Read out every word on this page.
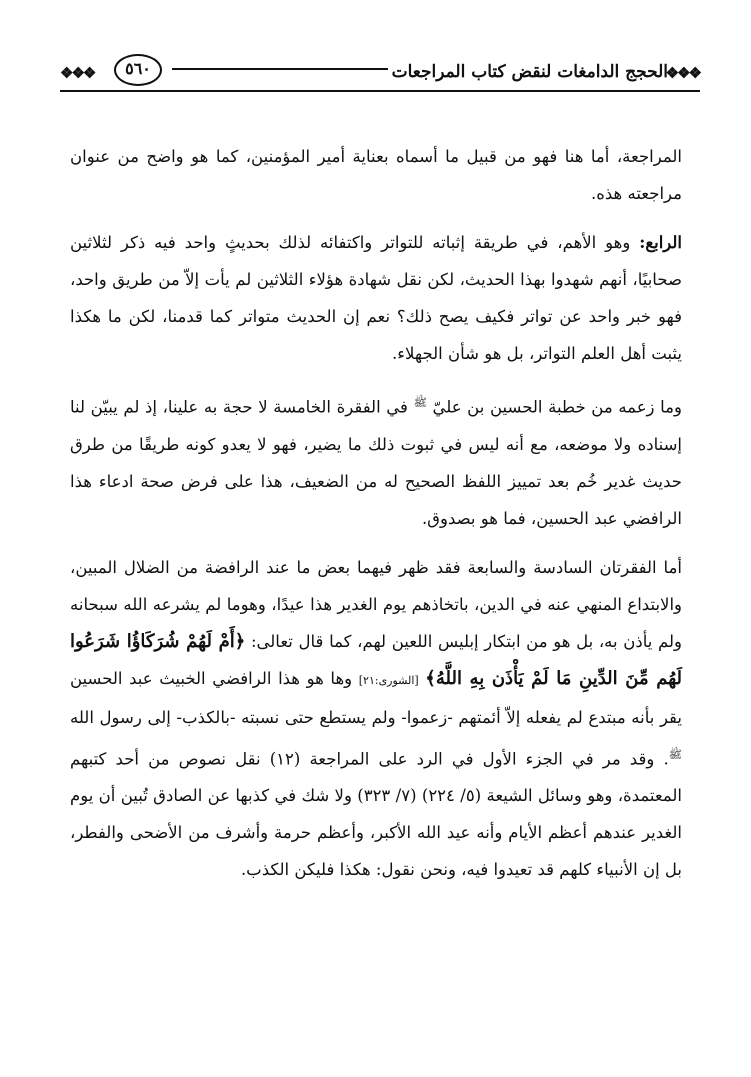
❖❖❖
الحجج الدامغات لنقض كتاب المراجعات
٥٦٠
❖❖❖

المراجعة، أما هنا فهو من قبيل ما أسماه بعناية أمير المؤمنين، كما هو واضح من عنوان مراجعته هذه.

الرابع: وهو الأهم، في طريقة إثباته للتواتر واكتفائه لذلك بحديثٍ واحد فيه ذكر لثلاثين صحابيًا، أنهم شهدوا بهذا الحديث، لكن نقل شهادة هؤلاء الثلاثين لم يأت إلاّ من طريق واحد، فهو خبر واحد عن تواتر فكيف يصح ذلك؟ نعم إن الحديث متواتر كما قدمنا، لكن ما هكذا يثبت أهل العلم التواتر، بل هو شأن الجهلاء.

وما زعمه من خطبة الحسين بن عليّ $^ﷺ$ في الفقرة الخامسة لا حجة به علينا، إذ لم يبيّن لنا إسناده ولا موضعه، مع أنه ليس في ثبوت ذلك ما يضير، فهو لا يعدو كونه طريقًا من طرق حديث غدير خُم بعد تمييز اللفظ الصحيح له من الضعيف، هذا على فرض صحة ادعاء هذا الرافضي عبد الحسين، فما هو بصدوق.

أما الفقرتان السادسة والسابعة فقد ظهر فيهما بعض ما عند الرافضة من الضلال المبين، والابتداع المنهي عنه في الدين، باتخاذهم يوم الغدير هذا عيدًا، وهوما لم يشرعه الله سبحانه ولم يأذن به، بل هو من ابتكار إبليس اللعين لهم، كما قال تعالى: ﴿أَمْ لَهُمْ شُرَكَاؤُا شَرَعُوا لَهُم مِّنَ الدِّينِ مَا لَمْ يَأْذَن بِهِ اللَّهُ﴾ [الشورى:٢١] وها هو هذا الرافضي الخبيث عبد الحسين يقر بأنه مبتدع لم يفعله إلاّ أئمتهم -زعموا- ولم يستطع حتى نسبته -بالكذب- إلى رسول الله $^ﷺ$. وقد مر في الجزء الأول في الرد على المراجعة (١٢) نقل نصوص من أحد كتبهم المعتمدة، وهو وسائل الشيعة (٥/ ٢٢٤) (٧/ ٣٢٣) ولا شك في كذبها عن الصادق تُبين أن يوم الغدير عندهم أعظم الأيام وأنه عيد الله الأكبر، وأعظم حرمة وأشرف من الأضحى والفطر، بل إن الأنبياء كلهم قد تعيدوا فيه، ونحن نقول: هكذا فليكن الكذب.
